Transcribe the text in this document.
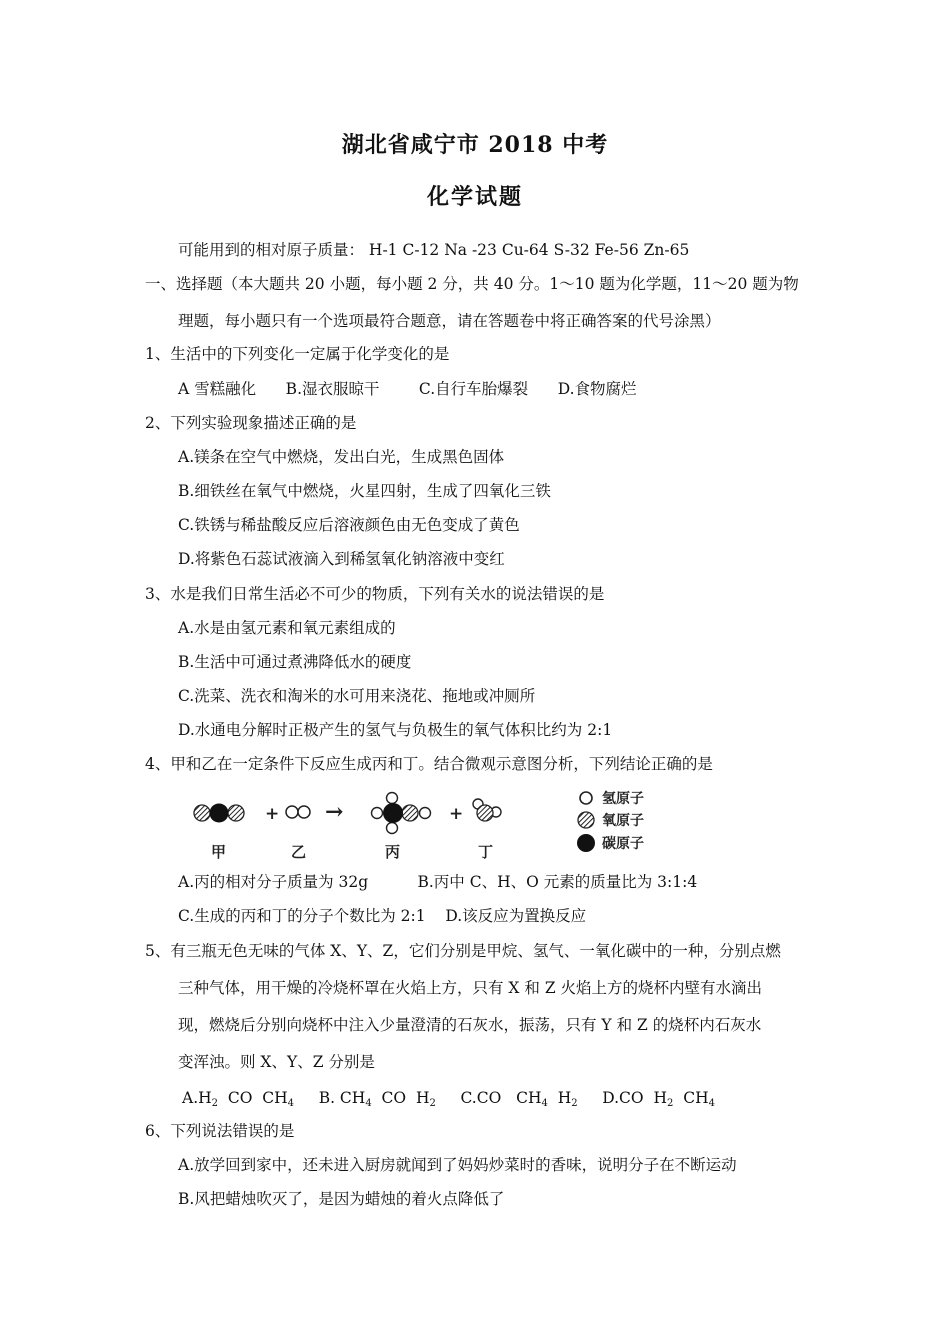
湖北省咸宁市 2018 中考
化学试题
可能用到的相对原子质量： H-1 C-12 Na -23 Cu-64 S-32 Fe-56 Zn-65
一、选择题（本大题共 20 小题，每小题 2 分，共 40 分。1～10 题为化学题，11～20 题为物
理题，每小题只有一个选项最符合题意，请在答题卷中将正确答案的代号涂黑）
1、生活中的下列变化一定属于化学变化的是
A 雪糕融化      B.湿衣服晾干        C.自行车胎爆裂      D.食物腐烂
2、下列实验现象描述正确的是
A.镁条在空气中燃烧，发出白光，生成黑色固体
B.细铁丝在氧气中燃烧，火星四射，生成了四氧化三铁
C.铁锈与稀盐酸反应后溶液颜色由无色变成了黄色
D.将紫色石蕊试液滴入到稀氢氧化钠溶液中变红
3、水是我们日常生活必不可少的物质，下列有关水的说法错误的是
A.水是由氢元素和氧元素组成的
B.生活中可通过煮沸降低水的硬度
C.洗菜、洗衣和淘米的水可用来浇花、拖地或冲厕所
D.水通电分解时正极产生的氢气与负极生的氧气体积比约为 2:1
4、甲和乙在一定条件下反应生成丙和丁。结合微观示意图分析，下列结论正确的是
+ →	+
甲	乙	丙	丁
氢原子
氧原子
碳原子
A.丙的相对分子质量为 32g          B.丙中 C、H、O 元素的质量比为 3:1:4
C.生成的丙和丁的分子个数比为 2:1    D.该反应为置换反应
5、有三瓶无色无味的气体 X、Y、Z，它们分别是甲烷、氢气、一氧化碳中的一种，分别点燃
三种气体，用干燥的冷烧杯罩在火焰上方，只有 X 和 Z 火焰上方的烧杯内壁有水滴出
现，燃烧后分别向烧杯中注入少量澄清的石灰水，振荡，只有 Y 和 Z 的烧杯内石灰水
变浑浊。则 X、Y、Z 分别是
$A.H_2$  CO  $CH_4$ B. $CH_4$  CO  $H_2$ C.CO   $CH_4$  $H_2$ D.CO  $H_2$  $CH_4$
6、下列说法错误的是
A.放学回到家中，还未进入厨房就闻到了妈妈炒菜时的香味，说明分子在不断运动
B.风把蜡烛吹灭了，是因为蜡烛的着火点降低了
